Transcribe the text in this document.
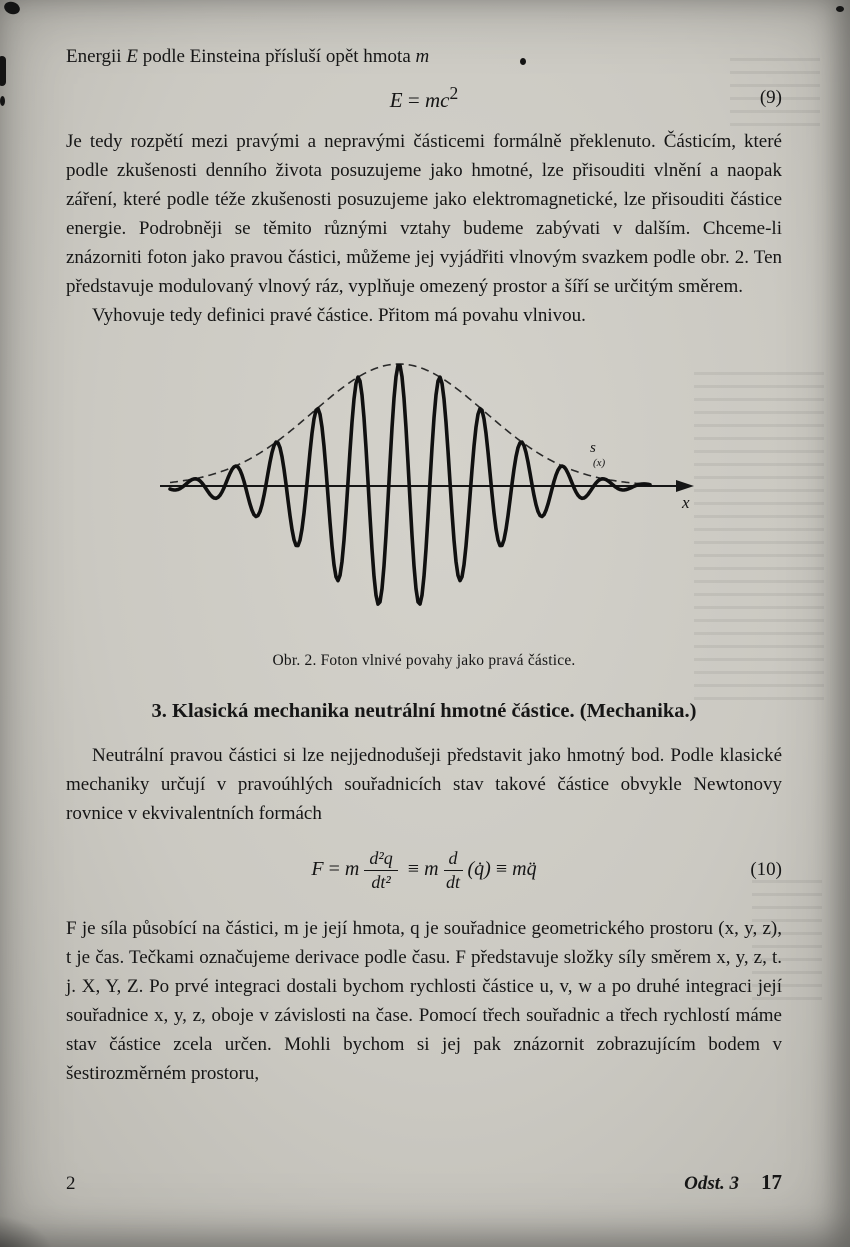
Energii E podle Einsteina přísluší opět hmota m

$E = mc^2$	(9)

Je tedy rozpětí mezi pravými a nepravými částicemi formálně překlenuto. Částicím, které podle zkušenosti denního života posuzujeme jako hmotné, lze přisouditi vlnění a naopak záření, které podle téže zkušenosti posuzujeme jako elektromagnetické, lze přisouditi částice energie. Podrobněji se těmito různými vztahy budeme zabývati v dalším. Chceme-li znázorniti foton jako pravou částici, můžeme jej vyjádřiti vlnovým svazkem podle obr. 2. Ten představuje modulovaný vlnový ráz, vyplňuje omezený prostor a šíří se určitým směrem.

Vyhovuje tedy definici pravé částice. Přitom má povahu vlnivou.

s (x)
x
Obr. 2. Foton vlnivé povahy jako pravá částice.
3. Klasická mechanika neutrální hmotné částice. (Mechanika.)

Neutrální pravou částici si lze nejjednodušeji představit jako hmotný bod. Podle klasické mechaniky určují v pravoúhlých souřadnicích stav takové částice obvykle Newtonovy rovnice v ekvivalentních formách

F = m $\frac{\text{d²q}}{\text{dt²}} \equiv m \frac{d}{dt}$ (q̇) ≡ mq̈	(10)

F je síla působící na částici, m je její hmota, q je souřadnice geometrického prostoru (x, y, z), t je čas. Tečkami označujeme derivace podle času. F představuje složky síly směrem x, y, z, t. j. X, Y, Z. Po prvé integraci dostali bychom rychlosti částice u, v, w a po druhé integraci její souřadnice x, y, z, oboje v závislosti na čase. Pomocí třech souřadnic a třech rychlostí máme stav částice zcela určen. Mohli bychom si jej pak znázornit zobrazujícím bodem v šestirozměrném prostoru,

2	Odst. 3 17
